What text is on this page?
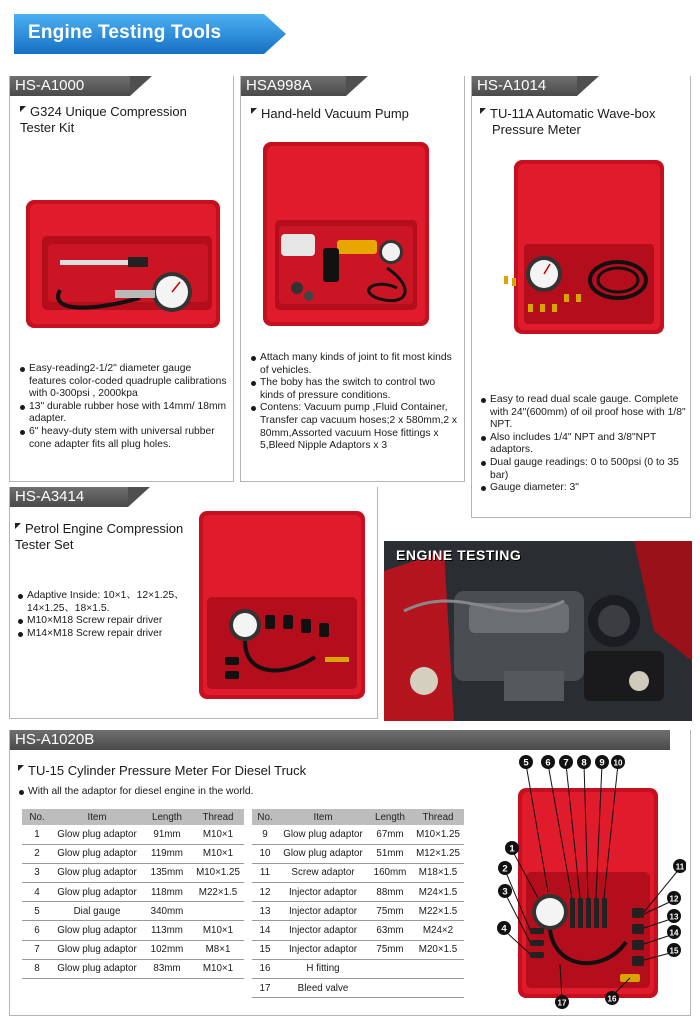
Engine Testing Tools
HS-A1000
G324 Unique Compression
Tester Kit
Easy-reading2-1/2" diameter gauge features color-coded quadruple calibrations with 0-300psi , 2000kpa
13" durable rubber hose with 14mm/ 18mm adapter.
6" heavy-duty stem with universal rubber cone adapter fits all plug holes.
HSA998A
Hand-held Vacuum Pump
Attach many kinds of joint to fit most kinds of vehicles.
The boby has the switch to control two kinds of pressure conditions.
Contens: Vacuum pump ,Fluid Container, Transfer cap vacuum hoses;2 x 580mm,2 x 80mm,Assorted vacuum Hose fittings x 5,Bleed Nipple Adaptors x 3
HS-A1014
TU-11A Automatic Wave-box
Pressure Meter
Easy to read dual scale gauge. Complete with 24"(600mm) of oil proof hose with 1/8" NPT.
Also includes 1/4" NPT and 3/8"NPT adaptors.
Dual gauge readings: 0 to 500psi (0 to 35 bar)
Gauge diameter: 3"
HS-A3414
Petrol Engine Compression
Tester Set
Adaptive Inside: 10×1、12×1.25、14×1.25、18×1.5.
M10×M18 Screw repair driver
M14×M18 Screw repair driver
ENGINE TESTING
HS-A1020B
TU-15 Cylinder Pressure Meter For Diesel Truck
With all the adaptor for diesel engine in the world.
No.	Item	Length	Thread
1	Glow plug adaptor	91mm	M10×1
2	Glow plug adaptor	119mm	M10×1
3	Glow plug adaptor	135mm	M10×1.25
4	Glow plug adaptor	118mm	M22×1.5
5	Dial gauge	340mm	
6	Glow plug adaptor	113mm	M10×1
7	Glow plug adaptor	102mm	M8×1
8	Glow plug adaptor	83mm	M10×1
No.	Item	Length	Thread
9	Glow plug adaptor	67mm	M10×1.25
10	Glow plug adaptor	51mm	M12×1.25
11	Screw adaptor	160mm	M18×1.5
12	Injector adaptor	88mm	M24×1.5
13	Injector adaptor	75mm	M22×1.5
14	Injector adaptor	63mm	M24×2
15	Injector adaptor	75mm	M20×1.5
16	H fitting		
17	Bleed valve		
1
2
3
4
5 6 7 8 9 10
11
12
13
14
15
16
17
